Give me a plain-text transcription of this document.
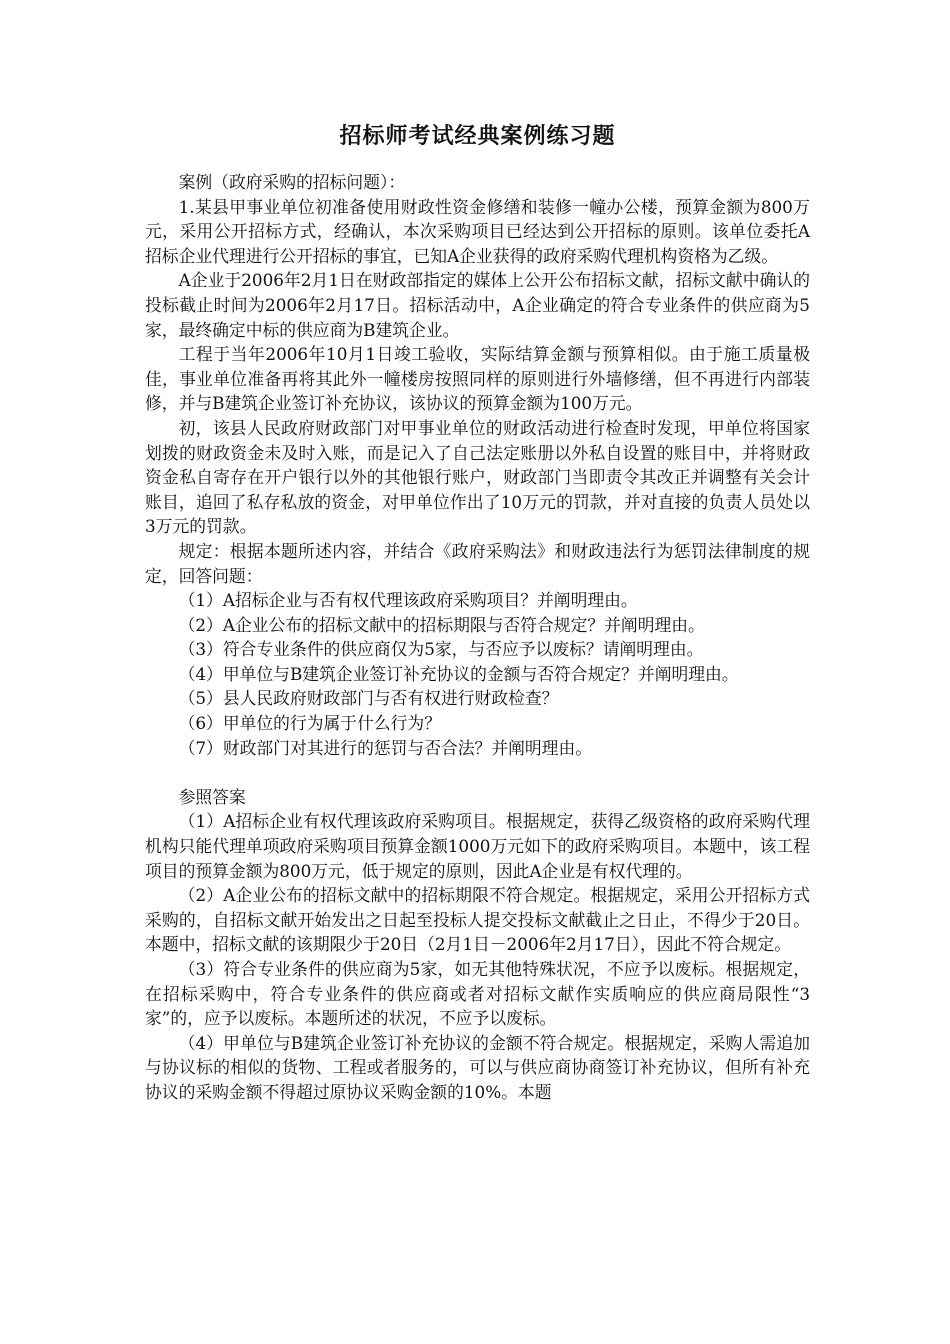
招标师考试经典案例练习题

案例（政府采购的招标问题）：

1.某县甲事业单位初准备使用财政性资金修缮和装修一幢办公楼，预算金额为800万元，采用公开招标方式，经确认，本次采购项目已经达到公开招标的原则。该单位委托A招标企业代理进行公开招标的事宜，已知A企业获得的政府采购代理机构资格为乙级。

A企业于2006年2月1日在财政部指定的媒体上公开公布招标文献，招标文献中确认的投标截止时间为2006年2月17日。招标活动中，A企业确定的符合专业条件的供应商为5家，最终确定中标的供应商为B建筑企业。

工程于当年2006年10月1日竣工验收，实际结算金额与预算相似。由于施工质量极佳，事业单位准备再将其此外一幢楼房按照同样的原则进行外墙修缮，但不再进行内部装修，并与B建筑企业签订补充协议，该协议的预算金额为100万元。

初，该县人民政府财政部门对甲事业单位的财政活动进行检查时发现，甲单位将国家划拨的财政资金未及时入账，而是记入了自己法定账册以外私自设置的账目中，并将财政资金私自寄存在开户银行以外的其他银行账户，财政部门当即责令其改正并调整有关会计账目，追回了私存私放的资金，对甲单位作出了10万元的罚款，并对直接的负责人员处以3万元的罚款。

规定：根据本题所述内容，并结合《政府采购法》和财政违法行为惩罚法律制度的规定，回答问题：

（1）A招标企业与否有权代理该政府采购项目？并阐明理由。

（2）A企业公布的招标文献中的招标期限与否符合规定？并阐明理由。

（3）符合专业条件的供应商仅为5家，与否应予以废标？请阐明理由。

（4）甲单位与B建筑企业签订补充协议的金额与否符合规定？并阐明理由。

（5）县人民政府财政部门与否有权进行财政检查？

（6）甲单位的行为属于什么行为？

（7）财政部门对其进行的惩罚与否合法？并阐明理由。

参照答案

（1）A招标企业有权代理该政府采购项目。根据规定，获得乙级资格的政府采购代理机构只能代理单项政府采购项目预算金额1000万元如下的政府采购项目。本题中，该工程项目的预算金额为800万元，低于规定的原则，因此A企业是有权代理的。

（2）A企业公布的招标文献中的招标期限不符合规定。根据规定，采用公开招标方式采购的，自招标文献开始发出之日起至投标人提交投标文献截止之日止，不得少于20日。本题中，招标文献的该期限少于20日（2月1日－2006年2月17日），因此不符合规定。

（3）符合专业条件的供应商为5家，如无其他特殊状况，不应予以废标。根据规定，在招标采购中，符合专业条件的供应商或者对招标文献作实质响应的供应商局限性“3家”的，应予以废标。本题所述的状况，不应予以废标。

（4）甲单位与B建筑企业签订补充协议的金额不符合规定。根据规定，采购人需追加与协议标的相似的货物、工程或者服务的，可以与供应商协商签订补充协议，但所有补充协议的采购金额不得超过原协议采购金额的10%。本题
